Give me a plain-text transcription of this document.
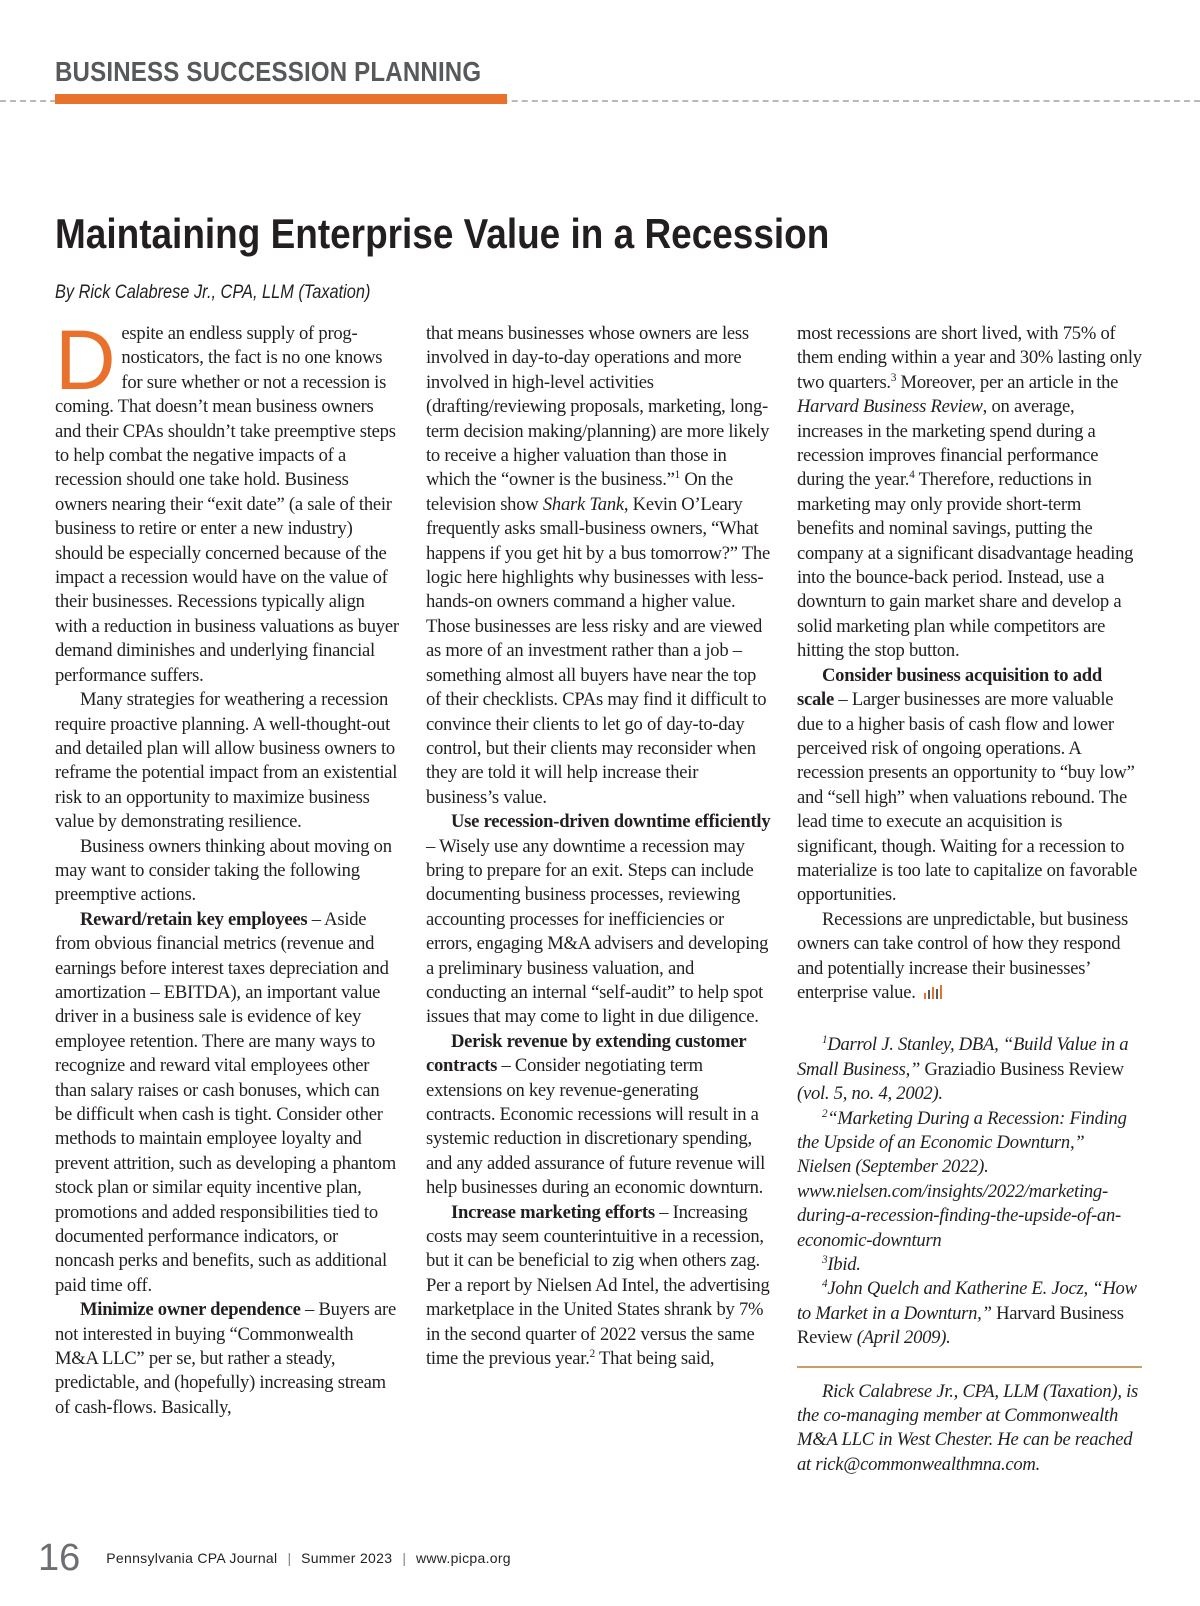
BUSINESS SUCCESSION PLANNING
Maintaining Enterprise Value in a Recession
By Rick Calabrese Jr., CPA, LLM (Taxation)

Despite an endless supply of prognosticators, the fact is no one knows for sure whether or not a recession is coming. That doesn’t mean business owners and their CPAs shouldn’t take preemptive steps to help combat the negative impacts of a recession should one take hold. Business owners nearing their “exit date” (a sale of their business to retire or enter a new industry) should be especially concerned because of the impact a recession would have on the value of their businesses. Recessions typically align with a reduction in business valuations as buyer demand diminishes and underlying financial performance suffers.

Many strategies for weathering a recession require proactive planning. A well-thought-out and detailed plan will allow business owners to reframe the potential impact from an existential risk to an opportunity to maximize business value by demonstrating resilience.

Business owners thinking about moving on may want to consider taking the following preemptive actions.

Reward/retain key employees – Aside from obvious financial metrics (revenue and earnings before interest taxes depreciation and amortization – EBITDA), an important value driver in a business sale is evidence of key employee retention. There are many ways to recognize and reward vital employees other than salary raises or cash bonuses, which can be difficult when cash is tight. Consider other methods to maintain employee loyalty and prevent attrition, such as developing a phantom stock plan or similar equity incentive plan, promotions and added responsibilities tied to documented performance indicators, or noncash perks and benefits, such as additional paid time off.

Minimize owner dependence – Buyers are not interested in buying “Commonwealth M&A LLC” per se, but rather a steady, predictable, and (hopefully) increasing stream of cash-flows. Basically,

that means businesses whose owners are less involved in day-to-day operations and more involved in high-level activities (drafting/reviewing proposals, marketing, long-term decision making/planning) are more likely to receive a higher valuation than those in which the “owner is the business.”$^1$ On the television show Shark Tank, Kevin O’Leary frequently asks small-business owners, “What happens if you get hit by a bus tomorrow?” The logic here highlights why businesses with less-hands-on owners command a higher value. Those businesses are less risky and are viewed as more of an investment rather than a job – something almost all buyers have near the top of their checklists. CPAs may find it difficult to convince their clients to let go of day-to-day control, but their clients may reconsider when they are told it will help increase their business’s value.

Use recession-driven downtime efficiently – Wisely use any downtime a recession may bring to prepare for an exit. Steps can include documenting business processes, reviewing accounting processes for inefficiencies or errors, engaging M&A advisers and developing a preliminary business valuation, and conducting an internal “self-audit” to help spot issues that may come to light in due diligence.

Derisk revenue by extending customer contracts – Consider negotiating term extensions on key revenue-generating contracts. Economic recessions will result in a systemic reduction in discretionary spending, and any added assurance of future revenue will help businesses during an economic downturn.

Increase marketing efforts – Increasing costs may seem counterintuitive in a recession, but it can be beneficial to zig when others zag. Per a report by Nielsen Ad Intel, the advertising marketplace in the United States shrank by 7% in the second quarter of 2022 versus the same time the previous year.$^2$ That being said,

most recessions are short lived, with 75% of them ending within a year and 30% lasting only two quarters.$^3$ Moreover, per an article in the Harvard Business Review, on average, increases in the marketing spend during a recession improves financial performance during the year.$^4$ Therefore, reductions in marketing may only provide short-term benefits and nominal savings, putting the company at a significant disadvantage heading into the bounce-back period. Instead, use a downturn to gain market share and develop a solid marketing plan while competitors are hitting the stop button.

Consider business acquisition to add scale – Larger businesses are more valuable due to a higher basis of cash flow and lower perceived risk of ongoing operations. A recession presents an opportunity to “buy low” and “sell high” when valuations rebound. The lead time to execute an acquisition is significant, though. Waiting for a recession to materialize is too late to capitalize on favorable opportunities.

Recessions are unpredictable, but business owners can take control of how they respond and potentially increase their businesses’ enterprise value.

$^1$Darrol J. Stanley, DBA, “Build Value in a Small Business,” Graziadio Business Review (vol. 5, no. 4, 2002).

$^2$“Marketing During a Recession: Finding the Upside of an Economic Downturn,” Nielsen (September 2022). www.nielsen.com/insights/2022/marketing-during-a-recession-finding-the-upside-of-an-economic-downturn

$^3$Ibid.

$^4$John Quelch and Katherine E. Jocz, “How to Market in a Downturn,” Harvard Business Review (April 2009).

Rick Calabrese Jr., CPA, LLM (Taxation), is the co-managing member at Commonwealth M&A LLC in West Chester. He can be reached at rick@commonwealthmna.com.

16 Pennsylvania CPA Journal | Summer 2023 | www.picpa.org
